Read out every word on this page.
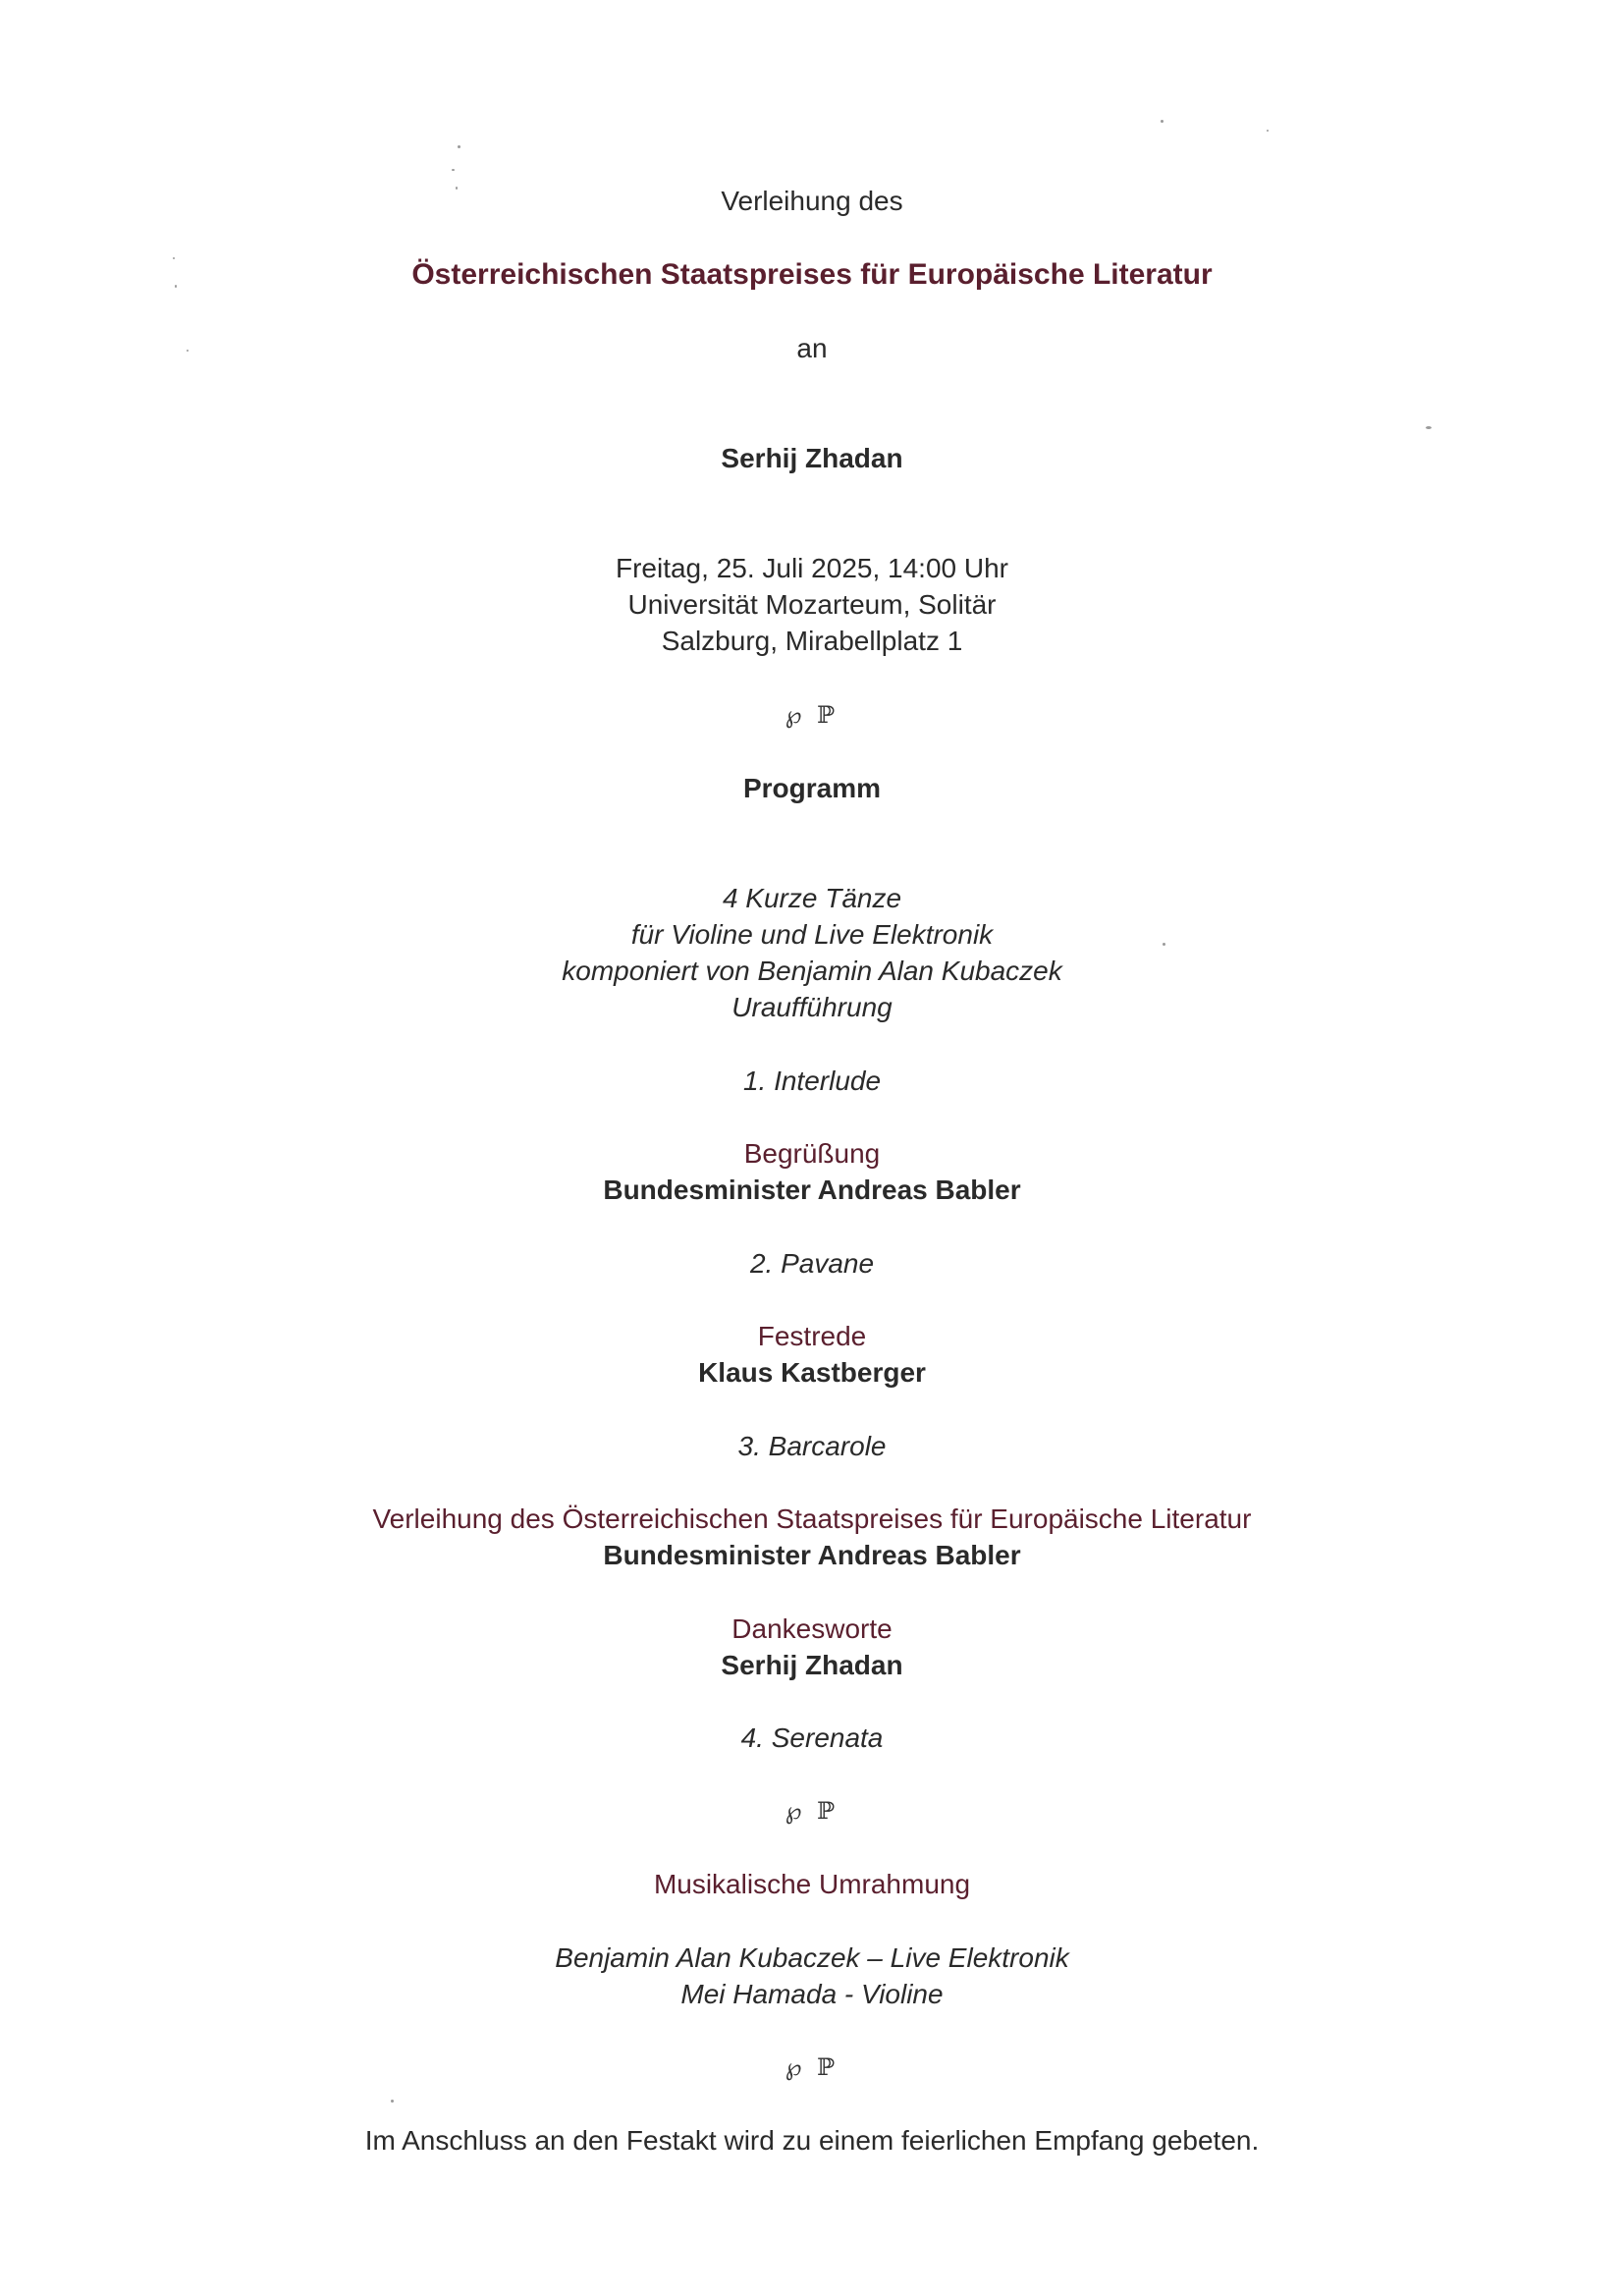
Verleihung des
Österreichischen Staatspreises für Europäische Literatur
an
Serhij Zhadan
Freitag, 25. Juli 2025, 14:00 Uhr
Universität Mozarteum, Solitär
Salzburg, Mirabellplatz 1
℘ ℙ
Programm
4 Kurze Tänze
für Violine und Live Elektronik
komponiert von Benjamin Alan Kubaczek
Uraufführung
1. Interlude
Begrüßung
Bundesminister Andreas Babler
2. Pavane
Festrede
Klaus Kastberger
3. Barcarole
Verleihung des Österreichischen Staatspreises für Europäische Literatur
Bundesminister Andreas Babler
Dankesworte
Serhij Zhadan
4. Serenata
℘ ℙ
Musikalische Umrahmung
Benjamin Alan Kubaczek – Live Elektronik
Mei Hamada - Violine
℘ ℙ
Im Anschluss an den Festakt wird zu einem feierlichen Empfang gebeten.
